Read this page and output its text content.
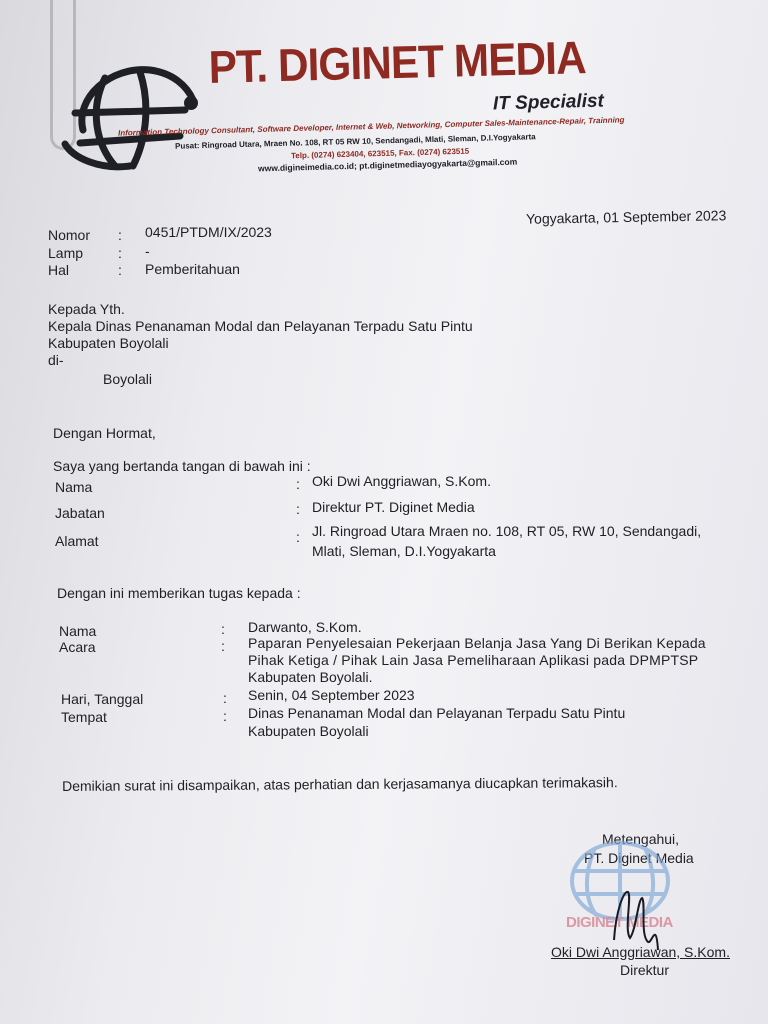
PT. DIGINET MEDIA
IT Specialist
Information Technology Consultant, Software Developer, Internet & Web, Networking, Computer Sales-Maintenance-Repair, Trainning
Pusat: Ringroad Utara, Mraen No. 108, RT 05 RW 10, Sendangadi, Mlati, Sleman, D.I.Yogyakarta
Telp. (0274) 623404, 623515, Fax. (0274) 623515
www.digineimedia.co.id; pt.diginetmediayogyakarta@gmail.com
Yogyakarta, 01 September 2023
Nomor : 0451/PTDM/IX/2023
Lamp : -
Hal	: Pemberitahuan
Kepada Yth.
Kepala Dinas Penanaman Modal dan Pelayanan Terpadu Satu Pintu
Kabupaten Boyolali
di-
Boyolali
Dengan Hormat,
Saya yang bertanda tangan di bawah ini :
Nama	: Oki Dwi Anggriawan, S.Kom.
Jabatan	: Direktur PT. Diginet Media
Alamat	: Jl. Ringroad Utara Mraen no. 108, RT 05, RW 10, Sendangadi,
Mlati, Sleman, D.I.Yogyakarta
Dengan ini memberikan tugas kepada :
Nama	: Darwanto, S.Kom.
Acara	: Paparan Penyelesaian Pekerjaan Belanja Jasa Yang Di Berikan Kepada
Pihak Ketiga / Pihak Lain Jasa Pemeliharaan Aplikasi pada DPMPTSP
Kabupaten Boyolali.
Hari, Tanggal	: Senin, 04 September 2023
Tempat	: Dinas Penanaman Modal dan Pelayanan Terpadu Satu Pintu
Kabupaten Boyolali
Demikian surat ini disampaikan, atas perhatian dan kerjasamanya diucapkan terimakasih.
Metengahui,
PT. Diginet Media
DIGINET MEDIA
Oki Dwi Anggriawan, S.Kom.
Direktur
